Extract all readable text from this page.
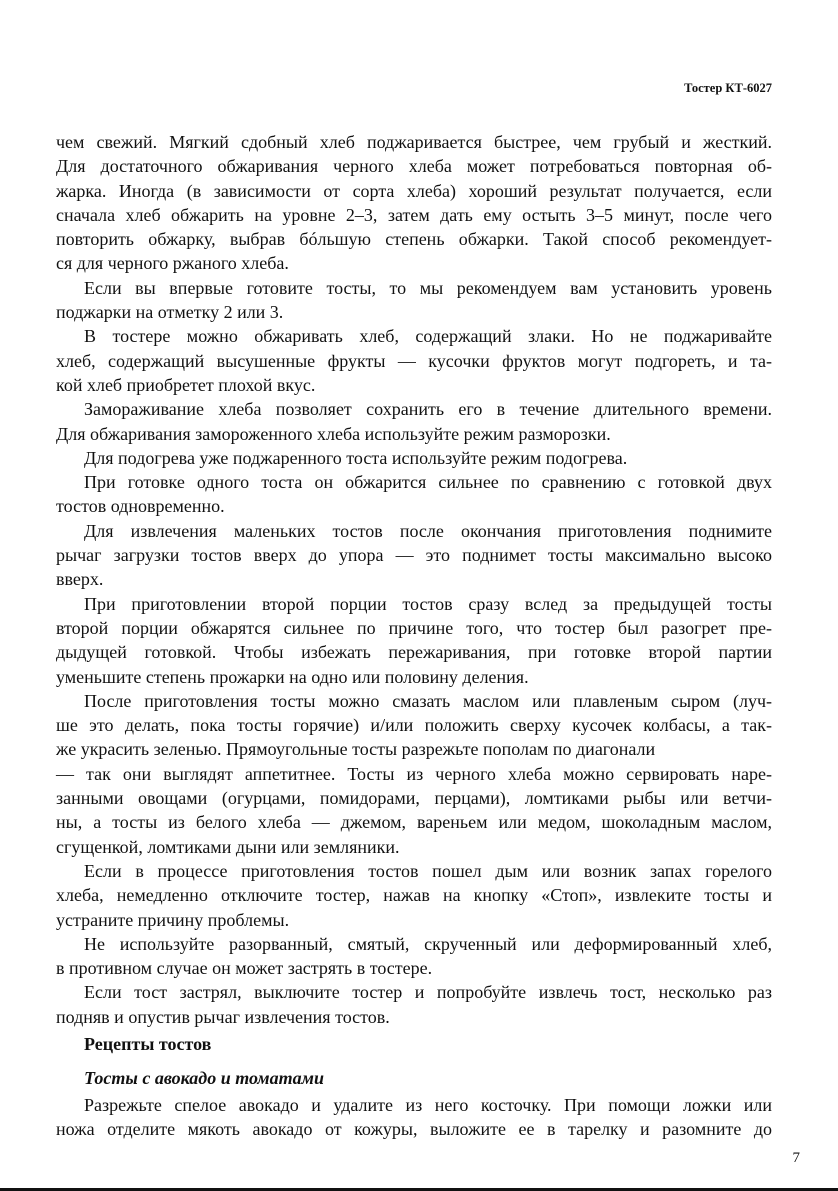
Тостер КТ-6027
чем свежий. Мягкий сдобный хлеб поджаривается быстрее, чем грубый и жесткий.
Для достаточного обжаривания черного хлеба может потребоваться повторная об-
жарка. Иногда (в зависимости от сорта хлеба) хороший результат получается, если
сначала хлеб обжарить на уровне 2–3, затем дать ему остыть 3–5 минут, после чего
повторить обжарку, выбрав бóльшую степень обжарки. Такой способ рекомендует-
ся для черного ржаного хлеба.
Если вы впервые готовите тосты, то мы рекомендуем вам установить уровень
поджарки на отметку 2 или 3.
В тостере можно обжаривать хлеб, содержащий злаки. Но не поджаривайте
хлеб, содержащий высушенные фрукты — кусочки фруктов могут подгореть, и та-
кой хлеб приобретет плохой вкус.
Замораживание хлеба позволяет сохранить его в течение длительного времени.
Для обжаривания замороженного хлеба используйте режим разморозки.
Для подогрева уже поджаренного тоста используйте режим подогрева.
При готовке одного тоста он обжарится сильнее по сравнению с готовкой двух
тостов одновременно.
Для извлечения маленьких тостов после окончания приготовления поднимите
рычаг загрузки тостов вверх до упора — это поднимет тосты максимально высоко
вверх.
При приготовлении второй порции тостов сразу вслед за предыдущей тосты
второй порции обжарятся сильнее по причине того, что тостер был разогрет пре-
дыдущей готовкой. Чтобы избежать пережаривания, при готовке второй партии
уменьшите степень прожарки на одно или половину деления.
После приготовления тосты можно смазать маслом или плавленым сыром (луч-
ше это делать, пока тосты горячие) и/или положить сверху кусочек колбасы, а так-
же украсить зеленью. Прямоугольные тосты разрежьте пополам по диагонали
— так они выглядят аппетитнее. Тосты из черного хлеба можно сервировать наре-
занными овощами (огурцами, помидорами, перцами), ломтиками рыбы или ветчи-
ны, а тосты из белого хлеба — джемом, вареньем или медом, шоколадным маслом,
сгущенкой, ломтиками дыни или земляники.
Если в процессе приготовления тостов пошел дым или возник запах горелого
хлеба, немедленно отключите тостер, нажав на кнопку «Стоп», извлеките тосты и
устраните причину проблемы.
Не используйте разорванный, смятый, скрученный или деформированный хлеб,
в противном случае он может застрять в тостере.
Если тост застрял, выключите тостер и попробуйте извлечь тост, несколько раз
подняв и опустив рычаг извлечения тостов.
Рецепты тостов
Тосты с авокадо и томатами
Разрежьте спелое авокадо и удалите из него косточку. При помощи ложки или
ножа отделите мякоть авокадо от кожуры, выложите ее в тарелку и разомните до
7
